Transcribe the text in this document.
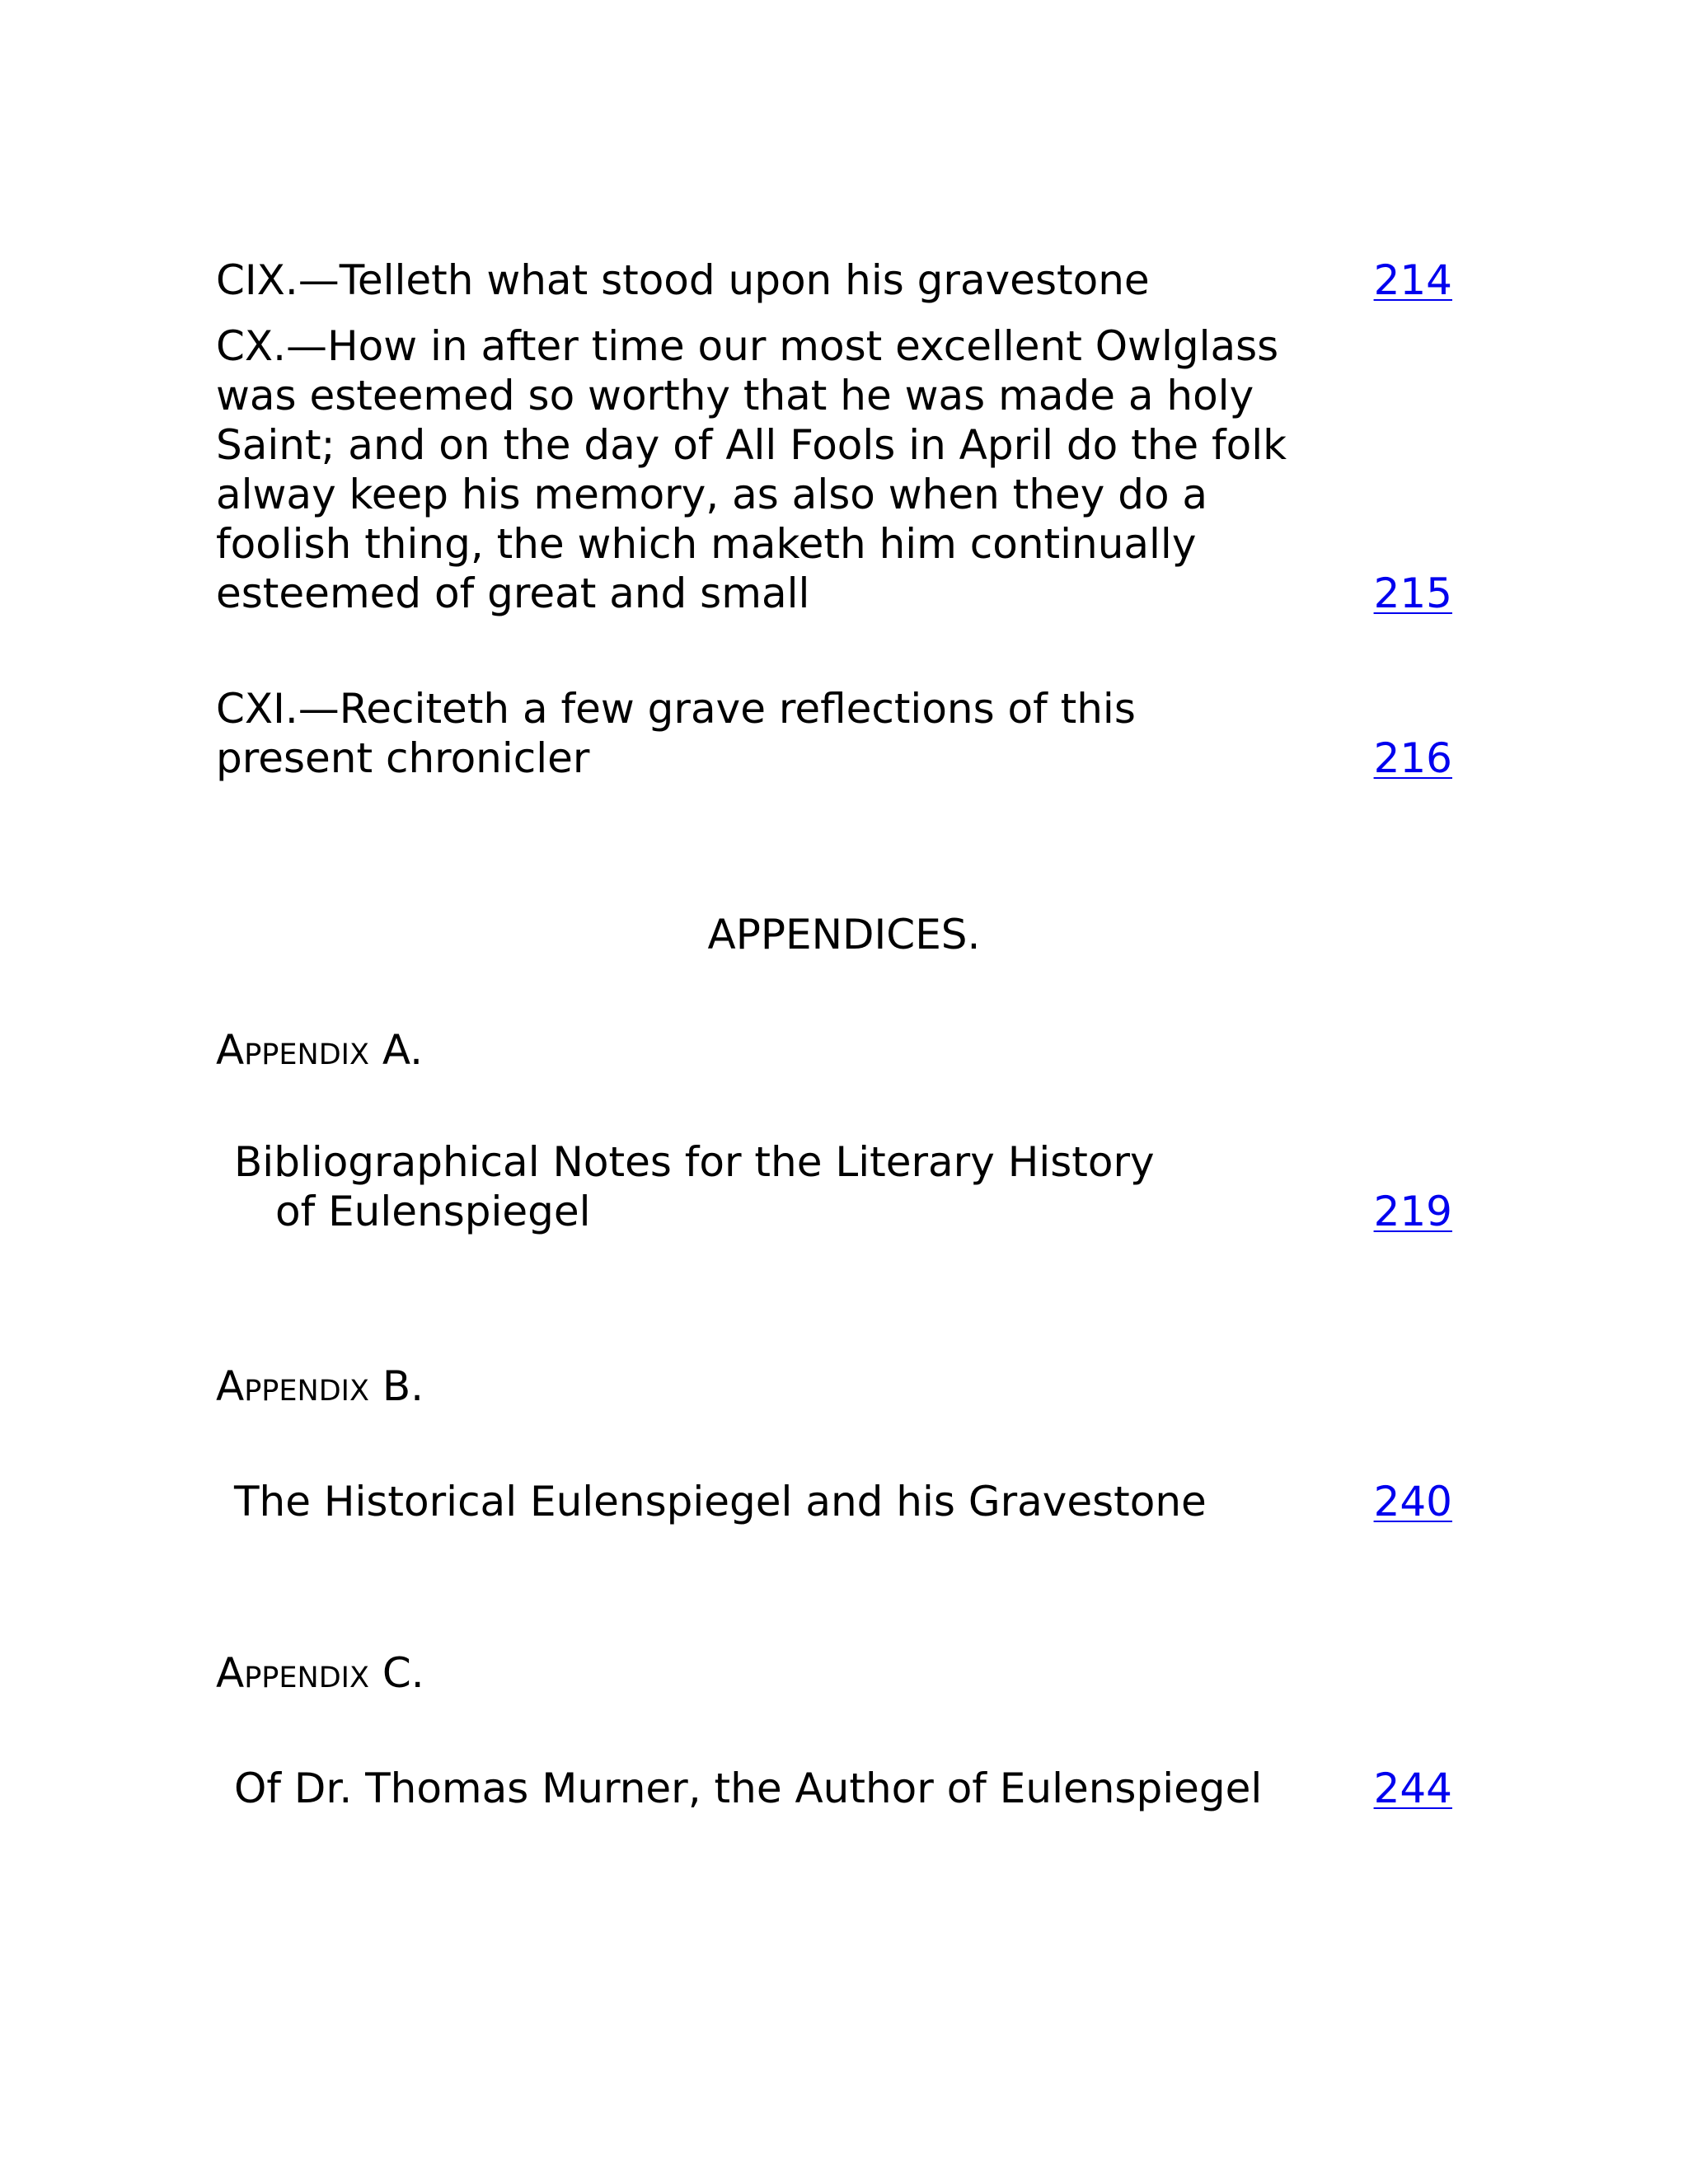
CIX.—Telleth what stood upon his gravestone	214

CX.—How in after time our most excellent Owlglass was esteemed so worthy that he was made a holy Saint; and on the day of All Fools in April do the folk alway keep his memory, as also when they do a foolish thing, the which maketh him continually esteemed of great and small	215

CXI.—Reciteth a few grave reflections of this present chronicler	216
APPENDICES.

Appendix A.

Bibliographical Notes for the Literary History of Eulenspiegel	219

Appendix B.

The Historical Eulenspiegel and his Gravestone	240

Appendix C.

Of Dr. Thomas Murner, the Author of Eulenspiegel	244
